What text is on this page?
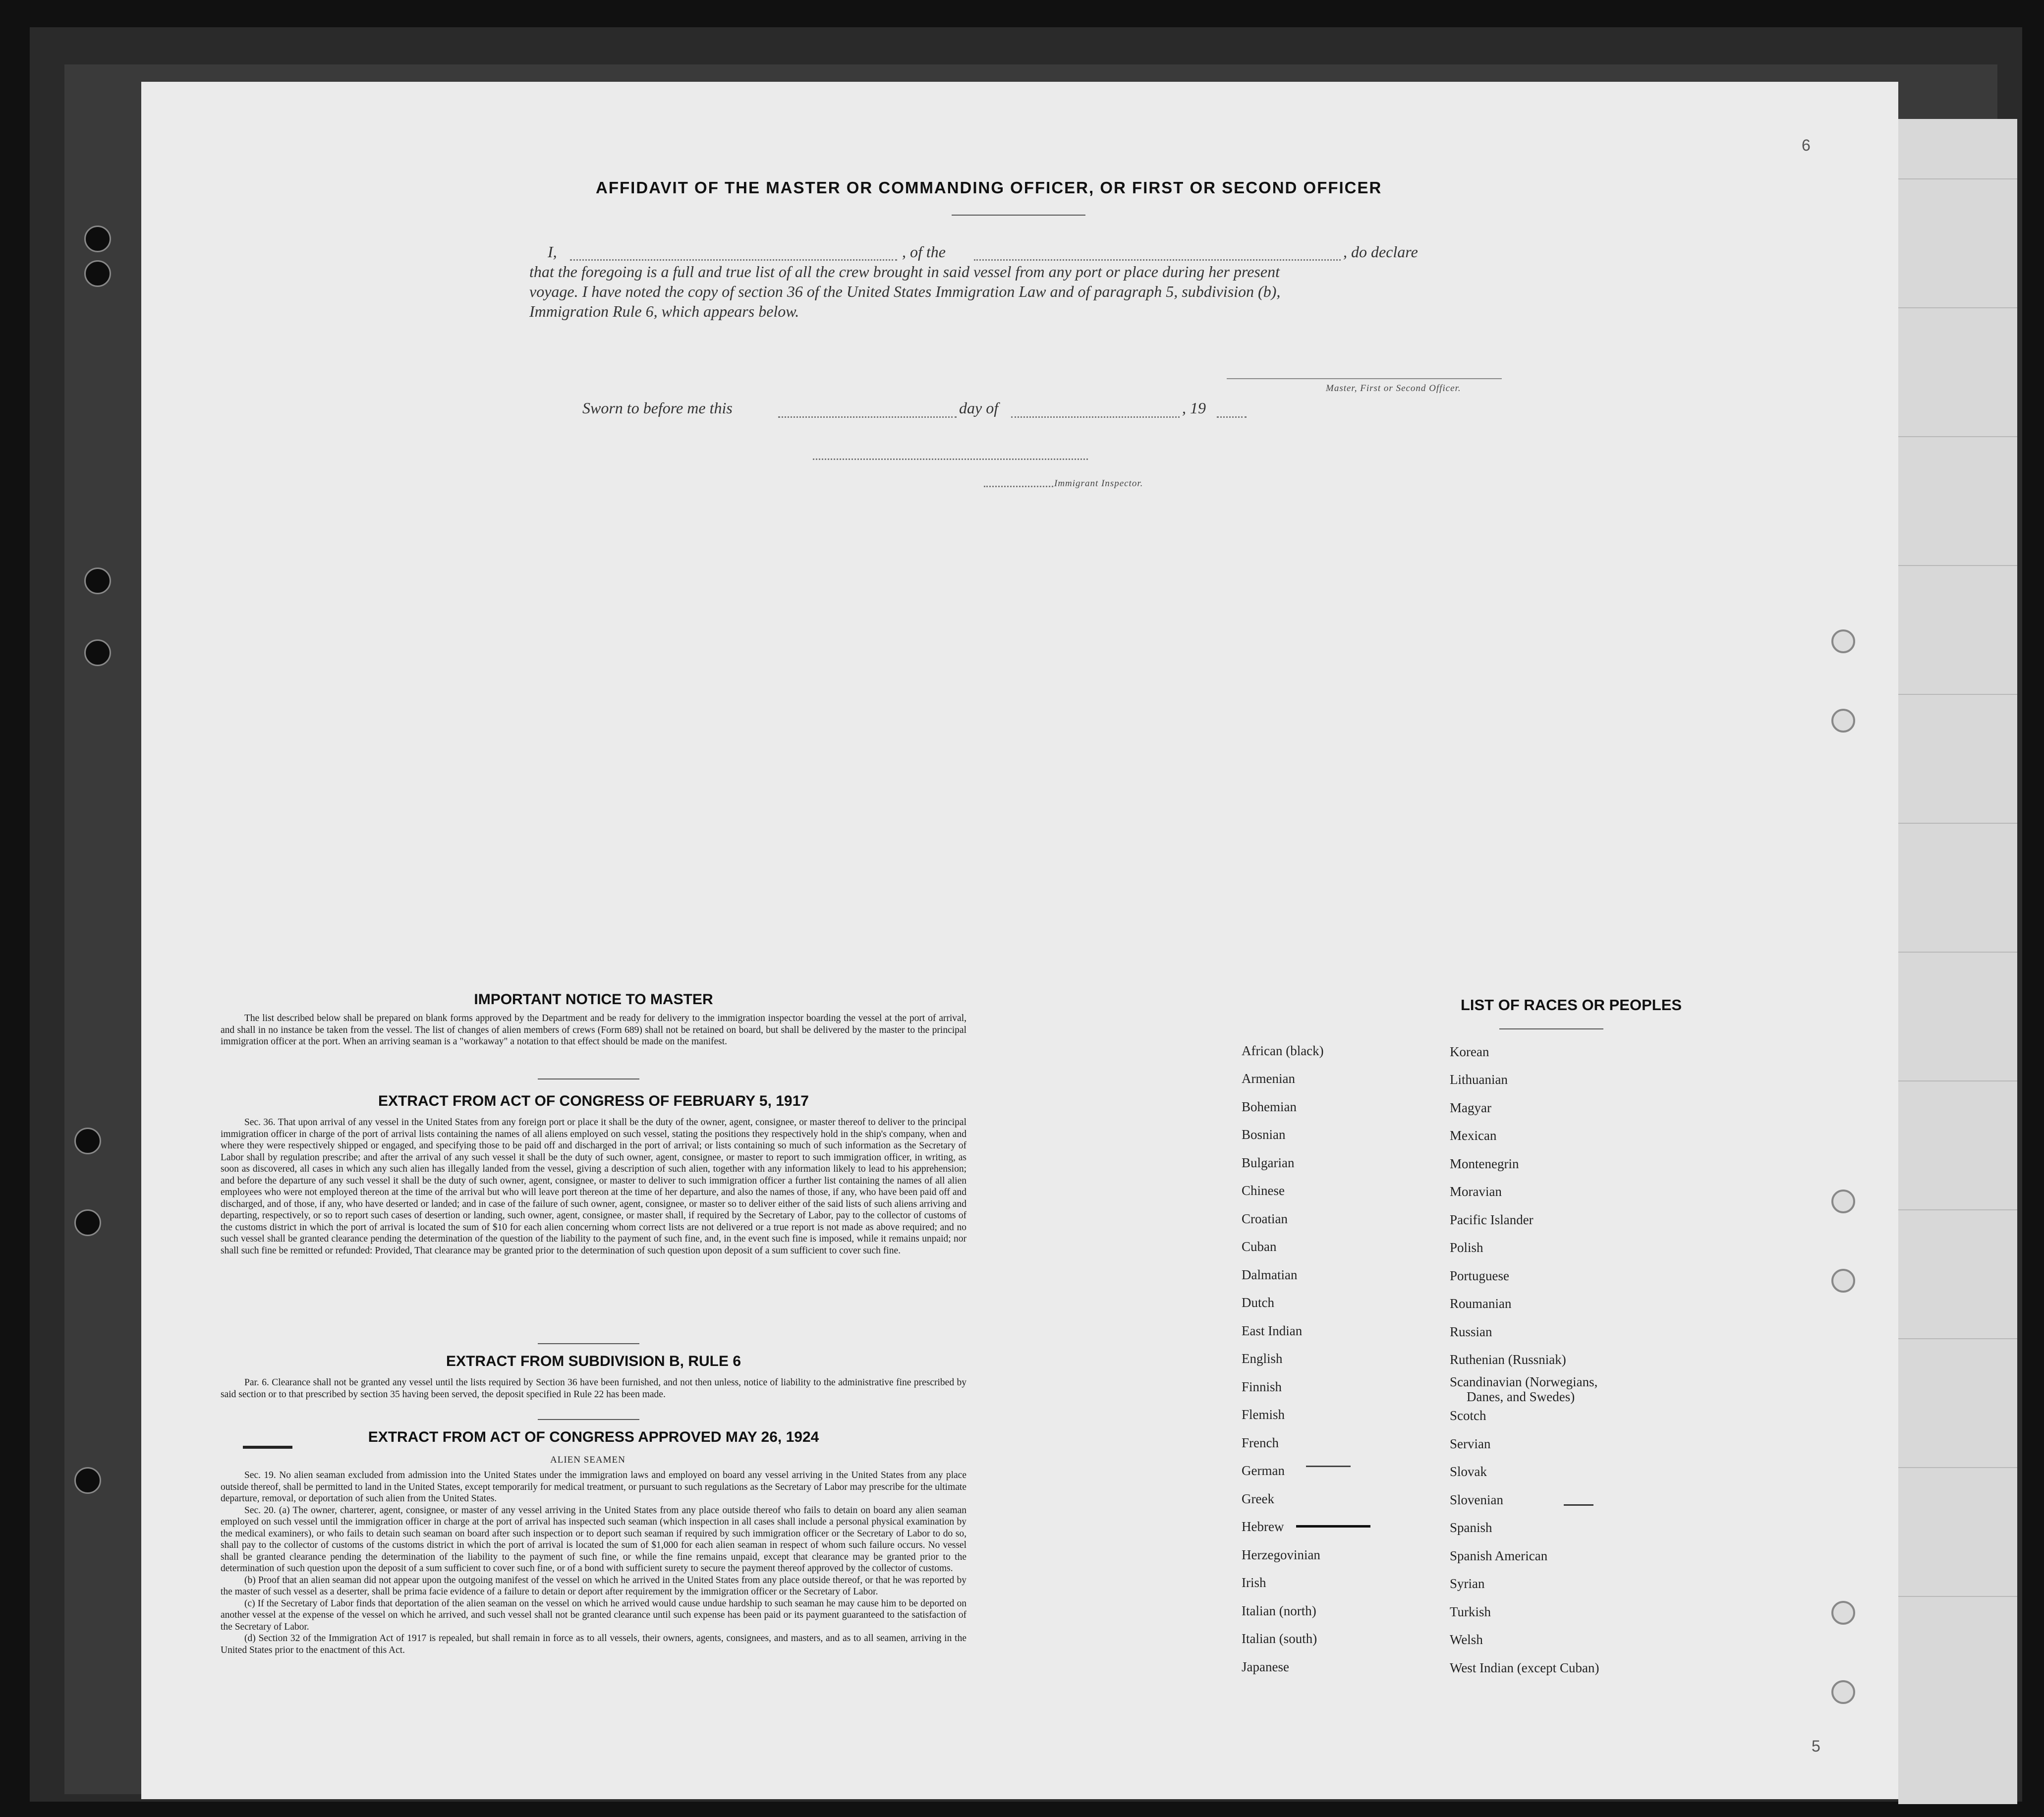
6
5
AFFIDAVIT OF THE MASTER OR COMMANDING OFFICER, OR FIRST OR SECOND OFFICER
I,	, of the	, do declare
that the foregoing is a full and true list of all the crew brought in said vessel from any port or place during her present
voyage. I have noted the copy of section 36 of the United States Immigration Law and of paragraph 5, subdivision (b),
Immigration Rule 6, which appears below.
Master, First or Second Officer.
Sworn to before me this	day of	, 19
Immigrant Inspector.
IMPORTANT NOTICE TO MASTER

The list described below shall be prepared on blank forms approved by the Department and be ready for delivery to the immigration inspector boarding the vessel at the port of arrival, and shall in no instance be taken from the vessel. The list of changes of alien members of crews (Form 689) shall not be retained on board, but shall be delivered by the master to the principal immigration officer at the port. When an arriving seaman is a "workaway" a notation to that effect should be made on the manifest.

EXTRACT FROM ACT OF CONGRESS OF FEBRUARY 5, 1917

Sec. 36. That upon arrival of any vessel in the United States from any foreign port or place it shall be the duty of the owner, agent, consignee, or master thereof to deliver to the principal immigration officer in charge of the port of arrival lists containing the names of all aliens employed on such vessel, stating the positions they respectively hold in the ship's company, when and where they were respectively shipped or engaged, and specifying those to be paid off and discharged in the port of arrival; or lists containing so much of such information as the Secretary of Labor shall by regulation prescribe; and after the arrival of any such vessel it shall be the duty of such owner, agent, consignee, or master to report to such immigration officer, in writing, as soon as discovered, all cases in which any such alien has illegally landed from the vessel, giving a description of such alien, together with any information likely to lead to his apprehension; and before the departure of any such vessel it shall be the duty of such owner, agent, consignee, or master to deliver to such immigration officer a further list containing the names of all alien employees who were not employed thereon at the time of the arrival but who will leave port thereon at the time of her departure, and also the names of those, if any, who have been paid off and discharged, and of those, if any, who have deserted or landed; and in case of the failure of such owner, agent, consignee, or master so to deliver either of the said lists of such aliens arriving and departing, respectively, or so to report such cases of desertion or landing, such owner, agent, consignee, or master shall, if required by the Secretary of Labor, pay to the collector of customs of the customs district in which the port of arrival is located the sum of $10 for each alien concerning whom correct lists are not delivered or a true report is not made as above required; and no such vessel shall be granted clearance pending the determination of the question of the liability to the payment of such fine, and, in the event such fine is imposed, while it remains unpaid; nor shall such fine be remitted or refunded: Provided, That clearance may be granted prior to the determination of such question upon deposit of a sum sufficient to cover such fine.

EXTRACT FROM SUBDIVISION B, RULE 6

Par. 6. Clearance shall not be granted any vessel until the lists required by Section 36 have been furnished, and not then unless, notice of liability to the administrative fine prescribed by said section or to that prescribed by section 35 having been served, the deposit specified in Rule 22 has been made.

EXTRACT FROM ACT OF CONGRESS APPROVED MAY 26, 1924
ALIEN SEAMEN

Sec. 19. No alien seaman excluded from admission into the United States under the immigration laws and employed on board any vessel arriving in the United States from any place outside thereof, shall be permitted to land in the United States, except temporarily for medical treatment, or pursuant to such regulations as the Secretary of Labor may prescribe for the ultimate departure, removal, or deportation of such alien from the United States.

Sec. 20. (a) The owner, charterer, agent, consignee, or master of any vessel arriving in the United States from any place outside thereof who fails to detain on board any alien seaman employed on such vessel until the immigration officer in charge at the port of arrival has inspected such seaman (which inspection in all cases shall include a personal physical examination by the medical examiners), or who fails to detain such seaman on board after such inspection or to deport such seaman if required by such immigration officer or the Secretary of Labor to do so, shall pay to the collector of customs of the customs district in which the port of arrival is located the sum of $1,000 for each alien seaman in respect of whom such failure occurs. No vessel shall be granted clearance pending the determination of the liability to the payment of such fine, or while the fine remains unpaid, except that clearance may be granted prior to the determination of such question upon the deposit of a sum sufficient to cover such fine, or of a bond with sufficient surety to secure the payment thereof approved by the collector of customs.

(b) Proof that an alien seaman did not appear upon the outgoing manifest of the vessel on which he arrived in the United States from any place outside thereof, or that he was reported by the master of such vessel as a deserter, shall be prima facie evidence of a failure to detain or deport after requirement by the immigration officer or the Secretary of Labor.

(c) If the Secretary of Labor finds that deportation of the alien seaman on the vessel on which he arrived would cause undue hardship to such seaman he may cause him to be deported on another vessel at the expense of the vessel on which he arrived, and such vessel shall not be granted clearance until such expense has been paid or its payment guaranteed to the satisfaction of the Secretary of Labor.

(d) Section 32 of the Immigration Act of 1917 is repealed, but shall remain in force as to all vessels, their owners, agents, consignees, and masters, and as to all seamen, arriving in the United States prior to the enactment of this Act.

LIST OF RACES OR PEOPLES
African (black)
Armenian
Bohemian
Bosnian
Bulgarian
Chinese
Croatian
Cuban
Dalmatian
Dutch
East Indian
English
Finnish
Flemish
French
German
Greek
Hebrew
Herzegovinian
Irish
Italian (north)
Italian (south)
Japanese
Korean
Lithuanian
Magyar
Mexican
Montenegrin
Moravian
Pacific Islander
Polish
Portuguese
Roumanian
Russian
Ruthenian (Russniak)
Scandinavian (Norwegians,
Danes, and Swedes)
Scotch
Servian
Slovak
Slovenian
Spanish
Spanish American
Syrian
Turkish
Welsh
West Indian (except Cuban)
